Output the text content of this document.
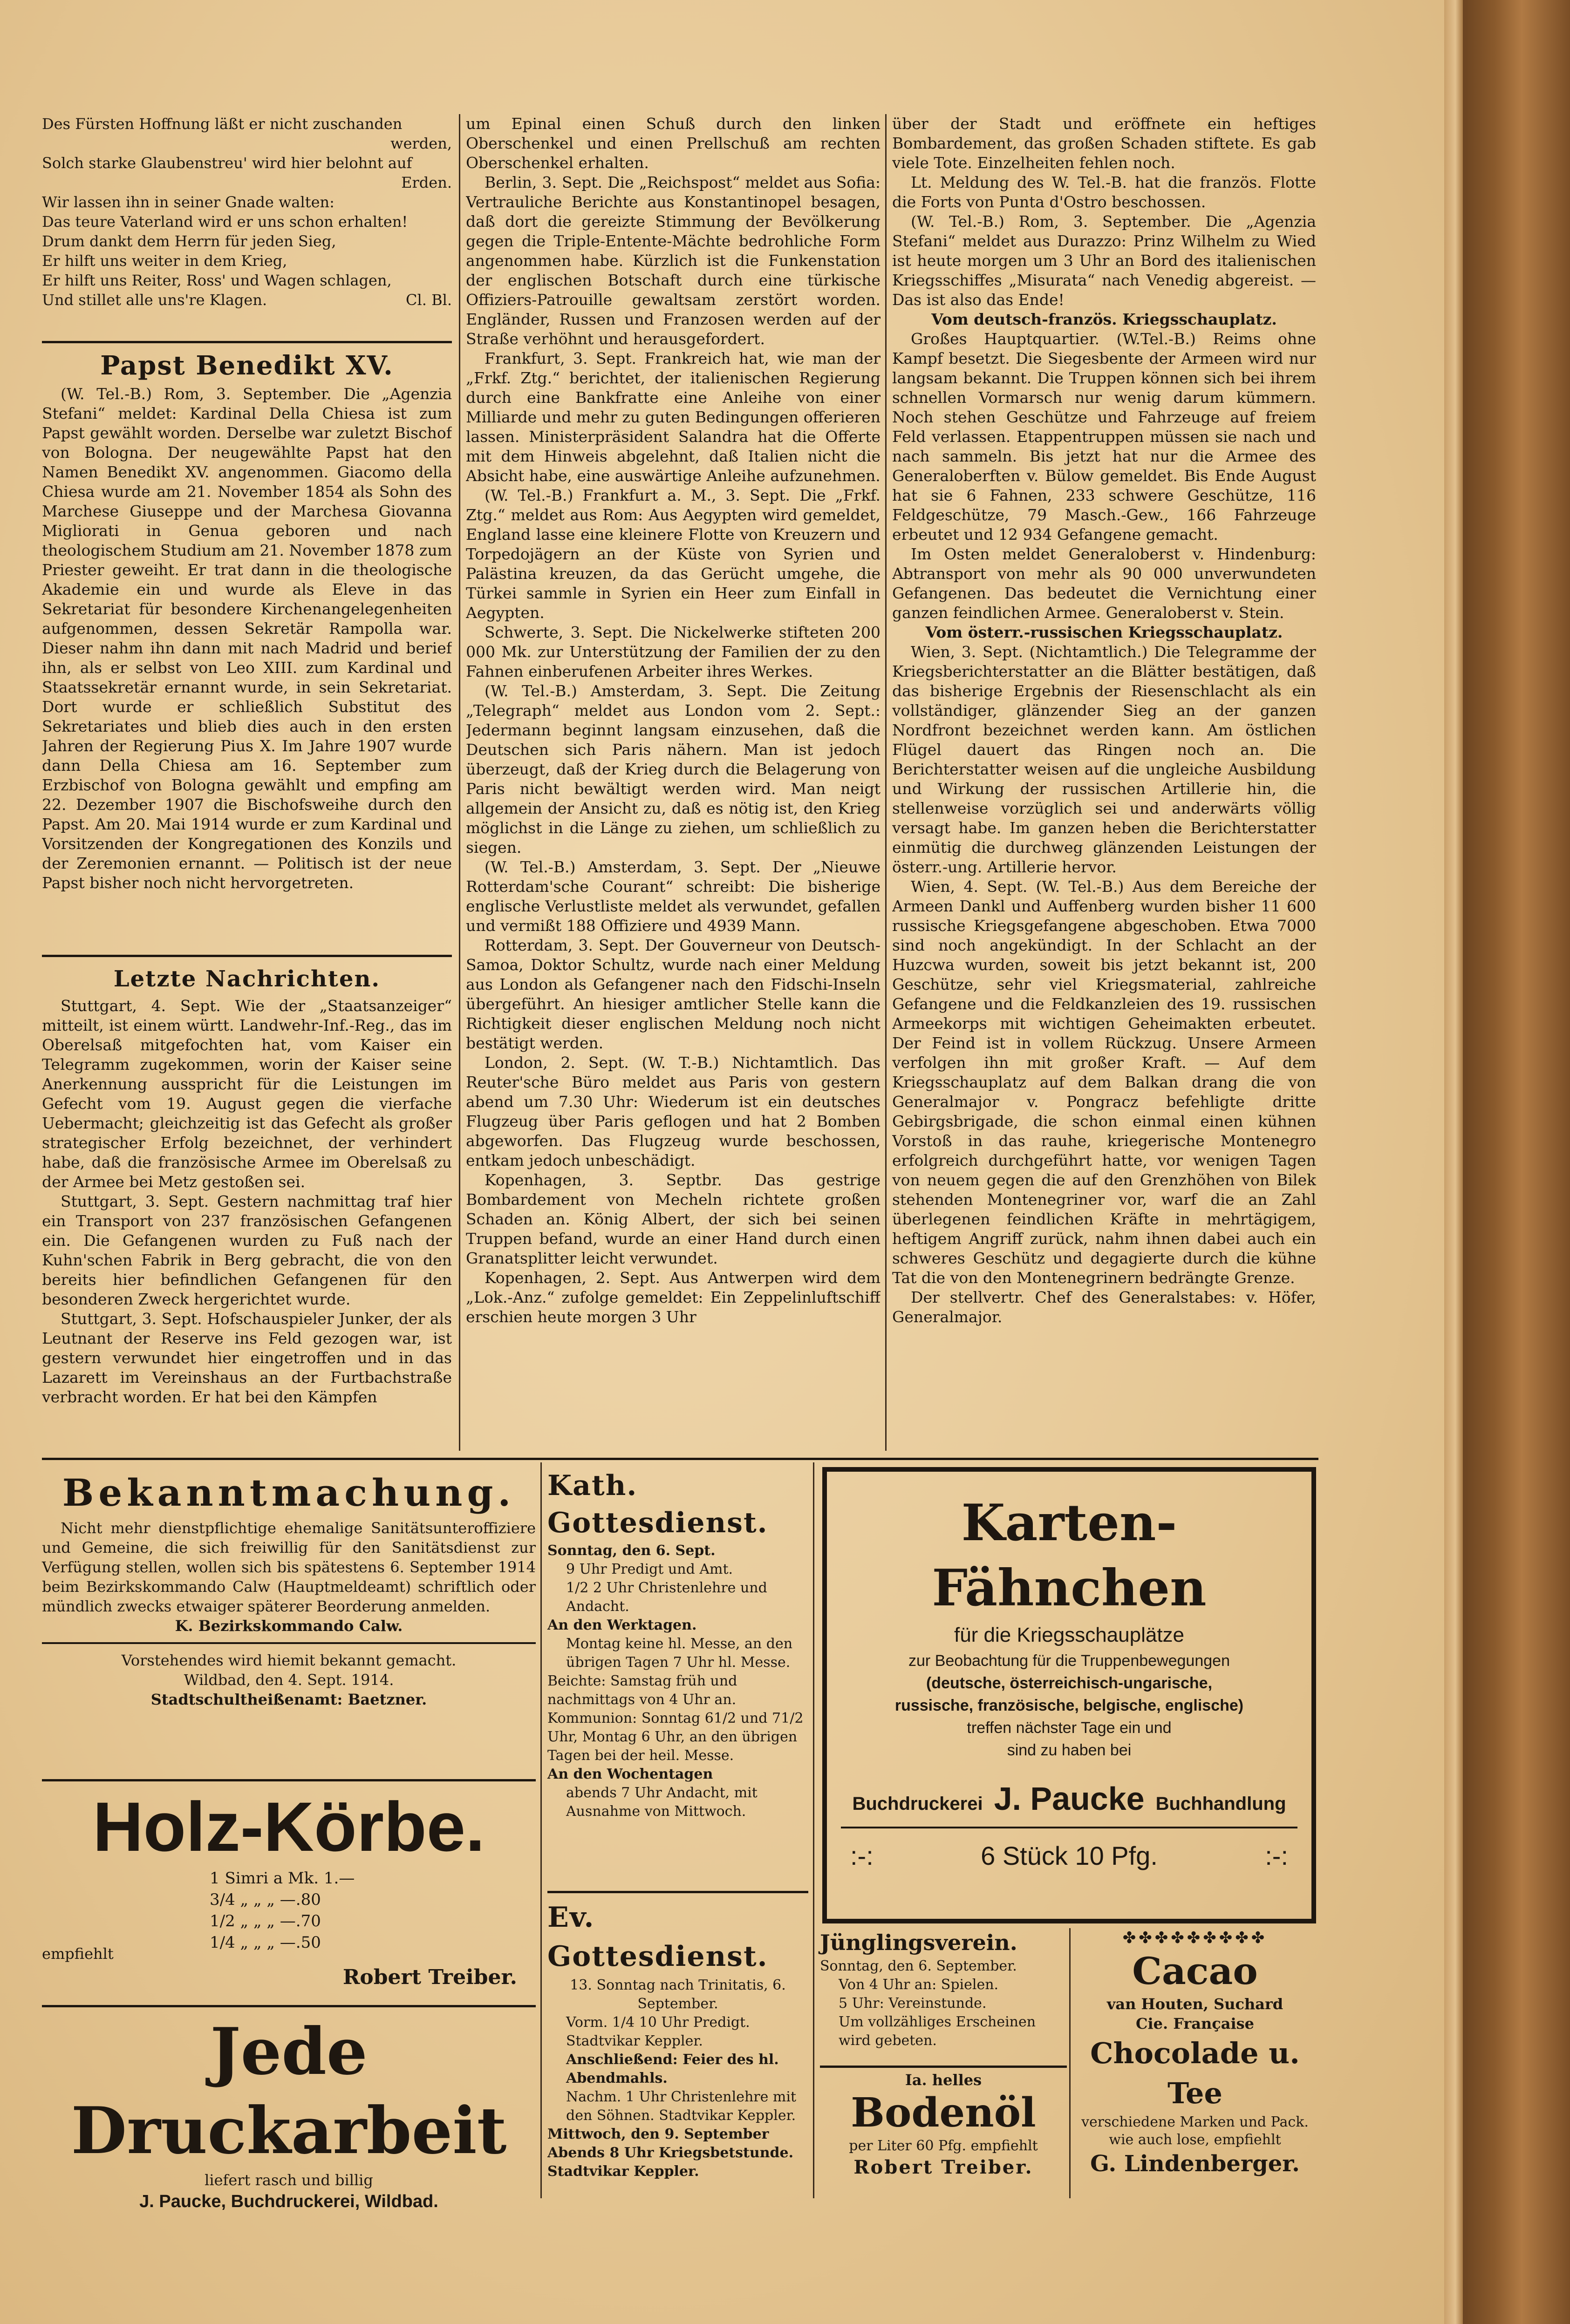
Des Fürsten Hoffnung läßt er nicht zuschanden

werden,

Solch starke Glaubenstreu' wird hier belohnt auf

Erden.

Wir lassen ihn in seiner Gnade walten:

Das teure Vaterland wird er uns schon erhalten!

Drum dankt dem Herrn für jeden Sieg,

Er hilft uns weiter in dem Krieg,

Er hilft uns Reiter, Ross' und Wagen schlagen,

Und stillet alle uns're Klagen.	Cl. Bl.

Papst Benedikt XV.

(W. Tel.-B.) Rom, 3. September. Die „Agenzia Stefani“ meldet: Kardinal Della Chiesa ist zum Papst gewählt worden. Derselbe war zuletzt Bischof von Bologna. Der neugewählte Papst hat den Namen Benedikt XV. angenommen. Giacomo della Chiesa wurde am 21. November 1854 als Sohn des Marchese Giuseppe und der Marchesa Giovanna Migliorati in Genua geboren und nach theologischem Studium am 21. November 1878 zum Priester geweiht. Er trat dann in die theologische Akademie ein und wurde als Eleve in das Sekretariat für besondere Kirchenangelegenheiten aufgenommen, dessen Sekretär Rampolla war. Dieser nahm ihn dann mit nach Madrid und berief ihn, als er selbst von Leo XIII. zum Kardinal und Staatssekretär ernannt wurde, in sein Sekretariat. Dort wurde er schließlich Substitut des Sekretariates und blieb dies auch in den ersten Jahren der Regierung Pius X. Im Jahre 1907 wurde dann Della Chiesa am 16. September zum Erzbischof von Bologna gewählt und empfing am 22. Dezember 1907 die Bischofsweihe durch den Papst. Am 20. Mai 1914 wurde er zum Kardinal und Vorsitzenden der Kongregationen des Konzils und der Zeremonien ernannt. — Politisch ist der neue Papst bisher noch nicht hervorgetreten.

Letzte Nachrichten.

Stuttgart, 4. Sept. Wie der „Staatsanzeiger“ mitteilt, ist einem württ. Landwehr-Inf.-Reg., das im Oberelsaß mitgefochten hat, vom Kaiser ein Telegramm zugekommen, worin der Kaiser seine Anerkennung ausspricht für die Leistungen im Gefecht vom 19. August gegen die vierfache Uebermacht; gleichzeitig ist das Gefecht als großer strategischer Erfolg bezeichnet, der verhindert habe, daß die französische Armee im Oberelsaß zu der Armee bei Metz gestoßen sei.

Stuttgart, 3. Sept. Gestern nachmittag traf hier ein Transport von 237 französischen Gefangenen ein. Die Gefangenen wurden zu Fuß nach der Kuhn'schen Fabrik in Berg gebracht, die von den bereits hier befindlichen Gefangenen für den besonderen Zweck hergerichtet wurde.

Stuttgart, 3. Sept. Hofschauspieler Junker, der als Leutnant der Reserve ins Feld gezogen war, ist gestern verwundet hier eingetroffen und in das Lazarett im Vereinshaus an der Furtbachstraße verbracht worden. Er hat bei den Kämpfen

um Epinal einen Schuß durch den linken Oberschenkel und einen Prellschuß am rechten Oberschenkel erhalten.

Berlin, 3. Sept. Die „Reichspost“ meldet aus Sofia: Vertrauliche Berichte aus Konstantinopel besagen, daß dort die gereizte Stimmung der Bevölkerung gegen die Triple-Entente-Mächte bedrohliche Form angenommen habe. Kürzlich ist die Funkenstation der englischen Botschaft durch eine türkische Offiziers-Patrouille gewaltsam zerstört worden. Engländer, Russen und Franzosen werden auf der Straße verhöhnt und herausgefordert.

Frankfurt, 3. Sept. Frankreich hat, wie man der „Frkf. Ztg.“ berichtet, der italienischen Regierung durch eine Bankfratte eine Anleihe von einer Milliarde und mehr zu guten Bedingungen offerieren lassen. Ministerpräsident Salandra hat die Offerte mit dem Hinweis abgelehnt, daß Italien nicht die Absicht habe, eine auswärtige Anleihe aufzunehmen.

(W. Tel.-B.) Frankfurt a. M., 3. Sept. Die „Frkf. Ztg.“ meldet aus Rom: Aus Aegypten wird gemeldet, England lasse eine kleinere Flotte von Kreuzern und Torpedojägern an der Küste von Syrien und Palästina kreuzen, da das Gerücht umgehe, die Türkei sammle in Syrien ein Heer zum Einfall in Aegypten.

Schwerte, 3. Sept. Die Nickelwerke stifteten 200 000 Mk. zur Unterstützung der Familien der zu den Fahnen einberufenen Arbeiter ihres Werkes.

(W. Tel.-B.) Amsterdam, 3. Sept. Die Zeitung „Telegraph“ meldet aus London vom 2. Sept.: Jedermann beginnt langsam einzusehen, daß die Deutschen sich Paris nähern. Man ist jedoch überzeugt, daß der Krieg durch die Belagerung von Paris nicht bewältigt werden wird. Man neigt allgemein der Ansicht zu, daß es nötig ist, den Krieg möglichst in die Länge zu ziehen, um schließlich zu siegen.

(W. Tel.-B.) Amsterdam, 3. Sept. Der „Nieuwe Rotterdam'sche Courant“ schreibt: Die bisherige englische Verlustliste meldet als verwundet, gefallen und vermißt 188 Offiziere und 4939 Mann.

Rotterdam, 3. Sept. Der Gouverneur von Deutsch-Samoa, Doktor Schultz, wurde nach einer Meldung aus London als Gefangener nach den Fidschi-Inseln übergeführt. An hiesiger amtlicher Stelle kann die Richtigkeit dieser englischen Meldung noch nicht bestätigt werden.

London, 2. Sept. (W. T.-B.) Nichtamtlich. Das Reuter'sche Büro meldet aus Paris von gestern abend um 7.30 Uhr: Wiederum ist ein deutsches Flugzeug über Paris geflogen und hat 2 Bomben abgeworfen. Das Flugzeug wurde beschossen, entkam jedoch unbeschädigt.

Kopenhagen, 3. Septbr. Das gestrige Bombardement von Mecheln richtete großen Schaden an. König Albert, der sich bei seinen Truppen befand, wurde an einer Hand durch einen Granatsplitter leicht verwundet.

Kopenhagen, 2. Sept. Aus Antwerpen wird dem „Lok.-Anz.“ zufolge gemeldet: Ein Zeppelinluftschiff erschien heute morgen 3 Uhr

über der Stadt und eröffnete ein heftiges Bombardement, das großen Schaden stiftete. Es gab viele Tote. Einzelheiten fehlen noch.

Lt. Meldung des W. Tel.-B. hat die französ. Flotte die Forts von Punta d'Ostro beschossen.

(W. Tel.-B.) Rom, 3. September. Die „Agenzia Stefani“ meldet aus Durazzo: Prinz Wilhelm zu Wied ist heute morgen um 3 Uhr an Bord des italienischen Kriegsschiffes „Misurata“ nach Venedig abgereist. — Das ist also das Ende!

Vom deutsch-französ. Kriegsschauplatz.

Großes Hauptquartier. (W.Tel.-B.) Reims ohne Kampf besetzt. Die Siegesbente der Armeen wird nur langsam bekannt. Die Truppen können sich bei ihrem schnellen Vormarsch nur wenig darum kümmern. Noch stehen Geschütze und Fahrzeuge auf freiem Feld verlassen. Etappentruppen müssen sie nach und nach sammeln. Bis jetzt hat nur die Armee des Generaloberften v. Bülow gemeldet. Bis Ende August hat sie 6 Fahnen, 233 schwere Geschütze, 116 Feldgeschütze, 79 Masch.-Gew., 166 Fahrzeuge erbeutet und 12 934 Gefangene gemacht.

Im Osten meldet Generaloberst v. Hindenburg: Abtransport von mehr als 90 000 unverwundeten Gefangenen. Das bedeutet die Vernichtung einer ganzen feindlichen Armee. Generaloberst v. Stein.

Vom österr.-russischen Kriegsschauplatz.

Wien, 3. Sept. (Nichtamtlich.) Die Telegramme der Kriegsberichterstatter an die Blätter bestätigen, daß das bisherige Ergebnis der Riesenschlacht als ein vollständiger, glänzender Sieg an der ganzen Nordfront bezeichnet werden kann. Am östlichen Flügel dauert das Ringen noch an. Die Berichterstatter weisen auf die ungleiche Ausbildung und Wirkung der russischen Artillerie hin, die stellenweise vorzüglich sei und anderwärts völlig versagt habe. Im ganzen heben die Berichterstatter einmütig die durchweg glänzenden Leistungen der österr.-ung. Artillerie hervor.

Wien, 4. Sept. (W. Tel.-B.) Aus dem Bereiche der Armeen Dankl und Auffenberg wurden bisher 11 600 russische Kriegsgefangene abgeschoben. Etwa 7000 sind noch angekündigt. In der Schlacht an der Huzcwa wurden, soweit bis jetzt bekannt ist, 200 Geschütze, sehr viel Kriegsmaterial, zahlreiche Gefangene und die Feldkanzleien des 19. russischen Armeekorps mit wichtigen Geheimakten erbeutet. Der Feind ist in vollem Rückzug. Unsere Armeen verfolgen ihn mit großer Kraft. — Auf dem Kriegsschauplatz auf dem Balkan drang die von Generalmajor v. Pongracz befehligte dritte Gebirgsbrigade, die schon einmal einen kühnen Vorstoß in das rauhe, kriegerische Montenegro erfolgreich durchgeführt hatte, vor wenigen Tagen von neuem gegen die auf den Grenzhöhen von Bilek stehenden Montenegriner vor, warf die an Zahl überlegenen feindlichen Kräfte in mehrtägigem, heftigem Angriff zurück, nahm ihnen dabei auch ein schweres Geschütz und degagierte durch die kühne Tat die von den Montenegrinern bedrängte Grenze.

Der stellvertr. Chef des Generalstabes: v. Höfer, Generalmajor.

Bekanntmachung.

Nicht mehr dienstpflichtige ehemalige Sanitätsunteroffiziere und Gemeine, die sich freiwillig für den Sanitätsdienst zur Verfügung stellen, wollen sich bis spätestens 6. September 1914 beim Bezirkskommando Calw (Hauptmeldeamt) schriftlich oder mündlich zwecks etwaiger späterer Beorderung anmelden.

K. Bezirkskommando Calw.

Vorstehendes wird hiemit bekannt gemacht.

Wildbad, den 4. Sept. 1914.

Stadtschultheißenamt: Baetzner.

Holz-Körbe.

1 Simri a Mk. 1.—

3/4 „ „ „ —.80

1/2 „ „ „ —.70

1/4 „ „ „ —.50

empfiehlt

Robert Treiber.

Jede Druckarbeit

liefert rasch und billig

J. Paucke, Buchdruckerei, Wildbad.

Kath. Gottesdienst.

Sonntag, den 6. Sept.

9 Uhr Predigt und Amt.

1/2 2 Uhr Christenlehre und Andacht.

An den Werktagen.

Montag keine hl. Messe, an den übrigen Tagen 7 Uhr hl. Messe.

Beichte: Samstag früh und nachmittags von 4 Uhr an.

Kommunion: Sonntag 61/2 und 71/2 Uhr, Montag 6 Uhr, an den übrigen Tagen bei der heil. Messe.

An den Wochentagen

abends 7 Uhr Andacht, mit Ausnahme von Mittwoch.

Ev. Gottesdienst.

13. Sonntag nach Trinitatis, 6. September.

Vorm. 1/4 10 Uhr Predigt. Stadtvikar Keppler.

Anschließend: Feier des hl. Abendmahls.

Nachm. 1 Uhr Christenlehre mit den Söhnen. Stadtvikar Keppler.

Mittwoch, den 9. September Abends 8 Uhr Kriegsbetstunde. Stadtvikar Keppler.

Karten-Fähnchen

für die Kriegsschauplätze

zur Beobachtung für die Truppenbewegungen

(deutsche, österreichisch-ungarische,

russische, französische, belgische, englische)

treffen nächster Tage ein und

sind zu haben bei

Buchdruckerei J. Paucke Buchhandlung
:-:	6 Stück 10 Pfg.	:-:
Jünglingsverein.

Sonntag, den 6. September.

Von 4 Uhr an: Spielen.

5 Uhr: Vereinstunde.

Um vollzähliges Erscheinen wird gebeten.

Ia. helles

Bodenöl

per Liter 60 Pfg. empfiehlt

Robert Treiber.

✤✤✤✤✤✤✤✤✤

Cacao

van Houten, Suchard

Cie. Française

Chocolade u. Tee

verschiedene Marken und Pack.

wie auch lose, empfiehlt

G. Lindenberger.
